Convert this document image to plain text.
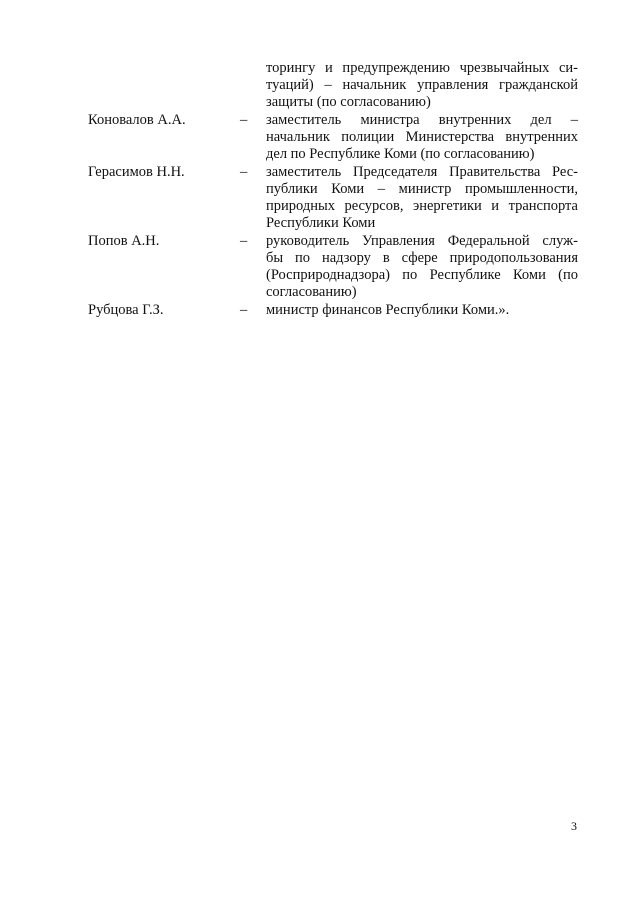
торингу и предупреждению чрезвычайных си-
туаций) – начальник управления гражданской
защиты (по согласованию)
Коновалов А.А.	– заместитель министра внутренних дел –
начальник полиции Министерства внутренних
дел по Республике Коми (по согласованию)
Герасимов Н.Н.	– заместитель Председателя Правительства Рес-
публики Коми – министр промышленности,
природных ресурсов, энергетики и транспорта
Республики Коми
Попов А.Н.	– руководитель Управления Федеральной служ-
бы по надзору в сфере природопользования
(Росприроднадзора) по Республике Коми (по
согласованию)
Рубцова Г.З.	– министр финансов Республики Коми.».
3
